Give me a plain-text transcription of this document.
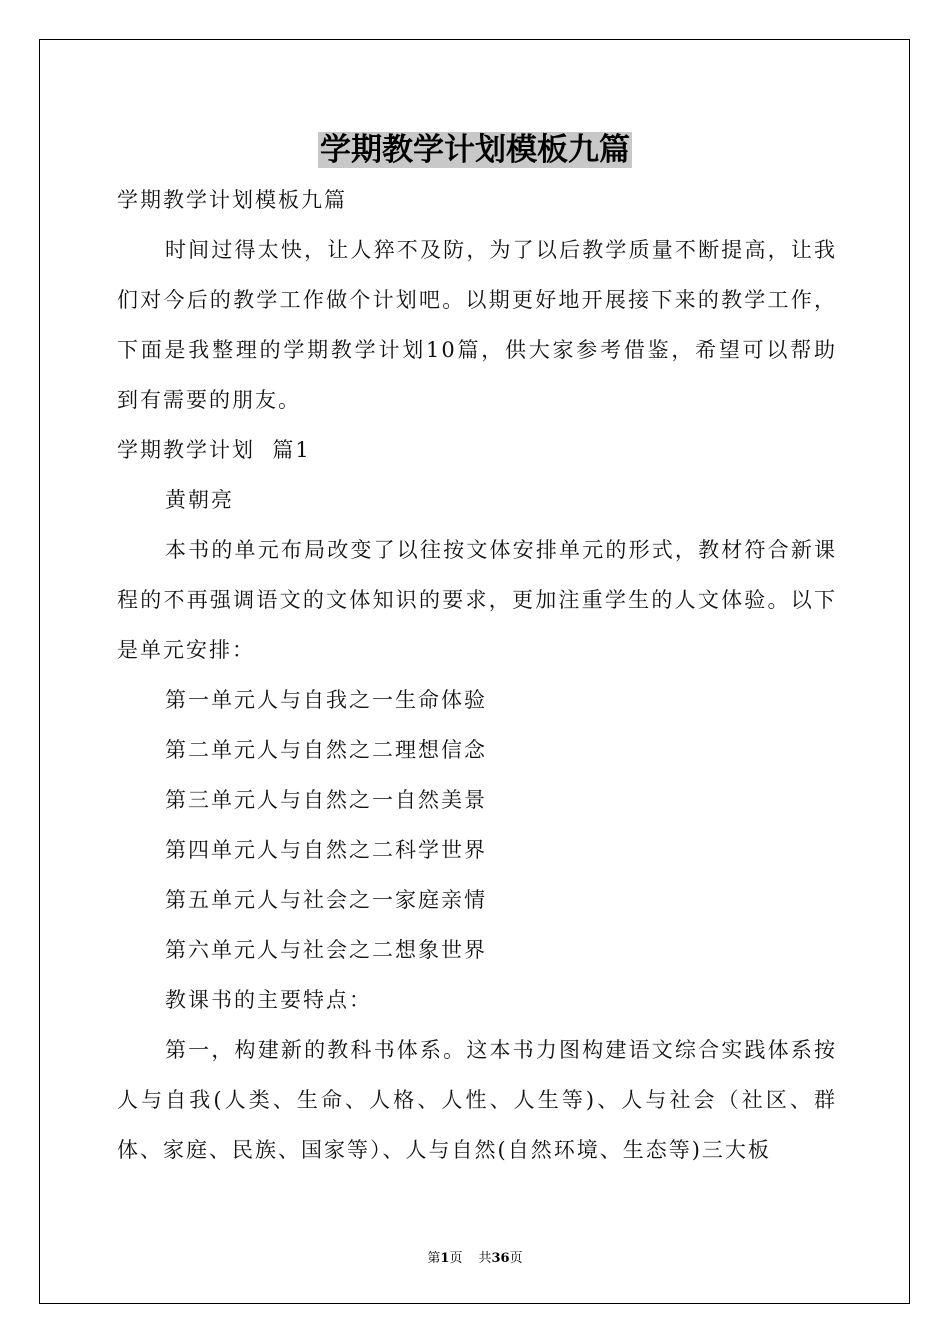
学期教学计划模板九篇

学期教学计划模板九篇

时间过得太快，让人猝不及防，为了以后教学质量不断提高，让我们对今后的教学工作做个计划吧。以期更好地开展接下来的教学工作，下面是我整理的学期教学计划10篇，供大家参考借鉴，希望可以帮助到有需要的朋友。

学期教学计划  篇1

黄朝亮

本书的单元布局改变了以往按文体安排单元的形式，教材符合新课程的不再强调语文的文体知识的要求，更加注重学生的人文体验。以下是单元安排：

第一单元人与自我之一生命体验

第二单元人与自然之二理想信念

第三单元人与自然之一自然美景

第四单元人与自然之二科学世界

第五单元人与社会之一家庭亲情

第六单元人与社会之二想象世界

教课书的主要特点：

第一，构建新的教科书体系。这本书力图构建语文综合实践体系按人与自我(人类、生命、人格、人性、人生等)、人与社会（社区、群体、家庭、民族、国家等）、人与自然(自然环境、生态等)三大板

第1页 共36页
